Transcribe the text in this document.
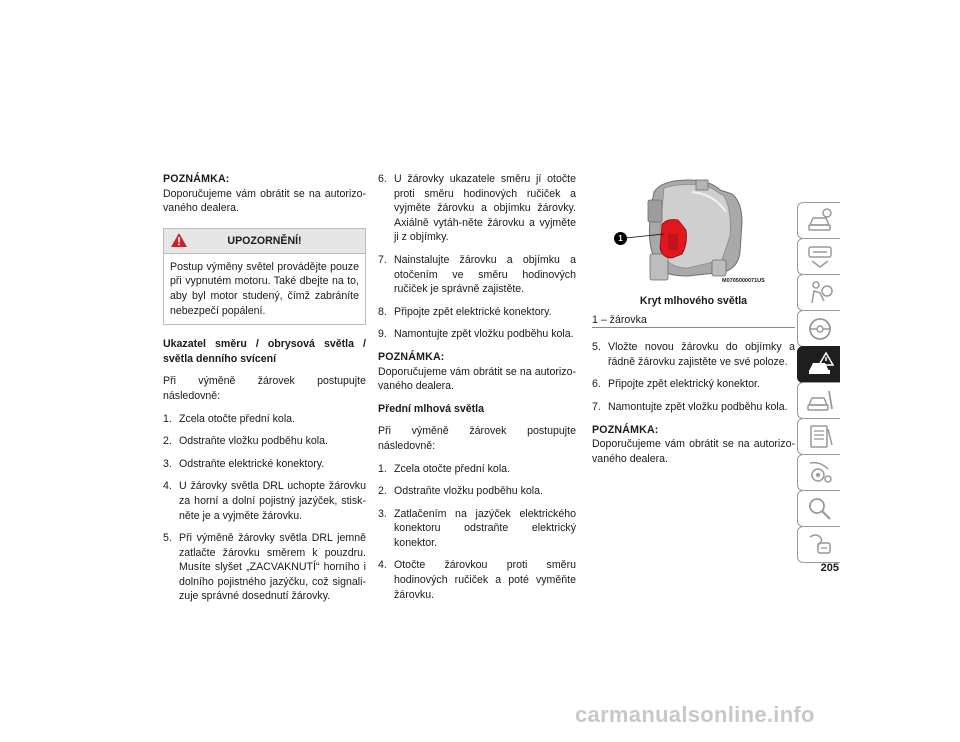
POZNÁMKA:
Doporučujeme vám obrátit se na autorizo-vaného dealera.
UPOZORNĚNÍ!
Postup výměny světel provádějte pouze při vypnutém motoru. Také dbejte na to, aby byl motor studený, čímž zabráníte nebezpečí popálení.
Ukazatel směru / obrysová světla / světla denního svícení
Při výměně žárovek postupujte následovně:
1. Zcela otočte přední kola.
2. Odstraňte vložku podběhu kola.
3. Odstraňte elektrické konektory.
4. U žárovky světla DRL uchopte žárovku za horní a dolní pojistný jazýček, stisk-něte je a vyjměte žárovku.
5. Při výměně žárovky světla DRL jemně zatlačte žárovku směrem k pouzdru. Musíte slyšet „ZACVAKNUTÍ“ horního i dolního pojistného jazýčku, což signali-zuje správné dosednutí žárovky.
6. U žárovky ukazatele směru jí otočte proti směru hodinových ručiček a vyjměte žárovku a objímku žárovky. Axiálně vytáh-něte žárovku a vyjměte ji z objímky.
7. Nainstalujte žárovku a objímku a otočením ve směru hodinových ručiček je správně zajistěte.
8. Připojte zpět elektrické konektory.
9. Namontujte zpět vložku podběhu kola.
POZNÁMKA:
Doporučujeme vám obrátit se na autorizo-vaného dealera.
Přední mlhová světla
Při výměně žárovek postupujte následovně:
1. Zcela otočte přední kola.
2. Odstraňte vložku podběhu kola.
3. Zatlačením na jazýček elektrického konektoru odstraňte elektrický konektor.
4. Otočte žárovkou proti směru hodinových ručiček a poté vyměňte žárovku.
1
M0705000071US
Kryt mlhového světla
1 – žárovka
5. Vložte novou žárovku do objímky a řádně žárovku zajistěte ve své poloze.
6. Připojte zpět elektrický konektor.
7. Namontujte zpět vložku podběhu kola.
POZNÁMKA:
Doporučujeme vám obrátit se na autorizo-vaného dealera.
205
carmanualsonline.info
